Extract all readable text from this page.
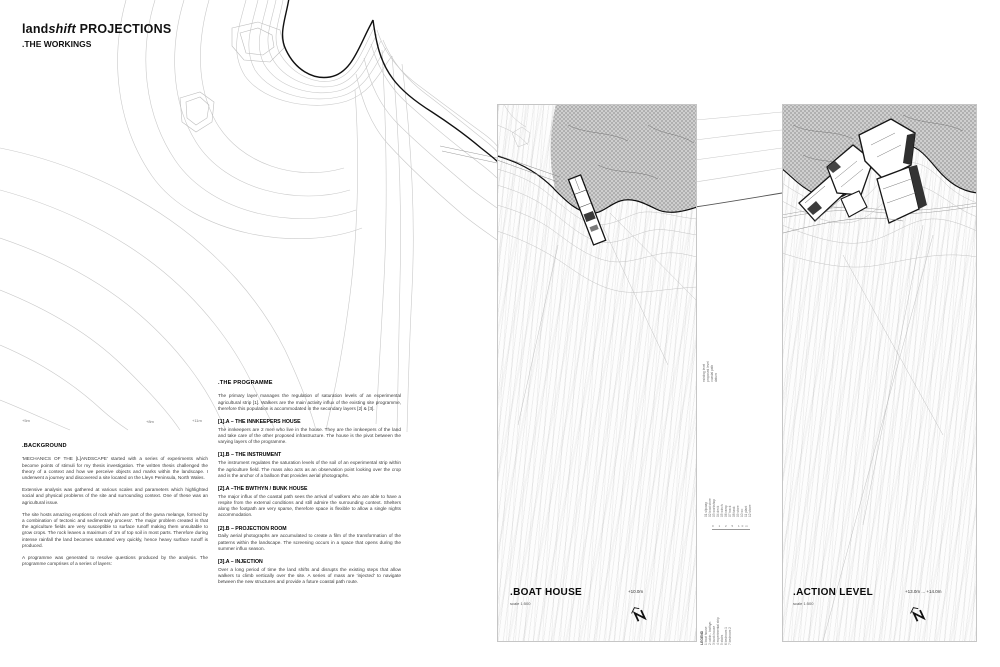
+5m	+8m	+11m
landshift PROJECTIONS
.THE WORKINGS
.BACKGROUND

'MECHANICS OF THE [L]ANDSCAPE' started with a series of experiments which become points of stimuli for my thesis investigation. The written thesis challenged the theory of a context and how we perceive objects and marks within the landscape. I underwent a journey and discovered a site located on the Lleyn Peninsula, North Wales.

Extensive analysis was gathered at various scales and parameters which highlighted social and physical problems of the site and surrounding context. One of these was an agricultural issue.

The site hosts amazing eruptions of rock which are part of the gwna melange, formed by a combination of tectonic and sedimentary process'. The major problem created is that the agriculture fields are very susceptible to surface runoff making them unsuitable to grow crops. The rock leaves a maximum of 1m of top soil in most parts. Therefore during intense rainfall the land becomes saturated very quickly, hence heavy surface runoff is produced.

A programme was generated to resolve questions produced by the analysis. The programme comprises of a series of layers:

.THE PROGRAMME

The primary layer manages the regulation of saturation levels of an experimental agricultural strip [1]. Walkers are the main activity influx of the existing site programme, therefore this population is accommodated in the secondary layers [2] & [3].

[1].A – THE INNKEEPERS HOUSE
The innkeepers are 2 men who live in the house. They are the innkeepers of the land and take care of the other proposed infrastructure. The house is the pivot between the varying layers of the programme.
[1].B – THE INSTRUMENT
The instrument regulates the saturation levels of the soil of an experimental strip within the agriculture field. The mass also acts as an observation point looking over the crop and is the anchor of a balloon that provides aerial photographs.
[2].A –THE BWTHYN / BUNK HOUSE
The major influx of the coastal path sees the arrival of walkers who are able to have a respite from the external conditions and still admire the surrounding context. Shelters along the footpath are very sparse, therefore space is flexible to allow a single nights accommodation.
[2].B – PROJECTION ROOM
Daily aerial photographs are accumulated to create a film of the transformation of the patterns within the landscape. The screening occurs in a space that opens during the summer influx season.
[3].A – INJECTION
Over a long period of time the land shifts and disrupts the existing steps that allow walkers to climb vertically over the site. A series of mass are 'injected' to navigate between the new structures and provide a future coastal path route.
.BOAT HOUSE
scale 1:500
+10.0m	.ACTION LEVEL
scale 1:500
+13.0m ... +14.0m
existing level proposed level coastal path datum
01 slipway 02 boat store 03 workshop 04 deck 05 winch 06 ramp 07 track 08 tank 09 store 10 wc 11 plant 12 shore
0 1 2 5 10m
LEGEND 1 boat house 2 cabin - bwthyn 3 bunk house 4 experimental strip 5 stairs 6 bedroom 1 7 bedroom 2
